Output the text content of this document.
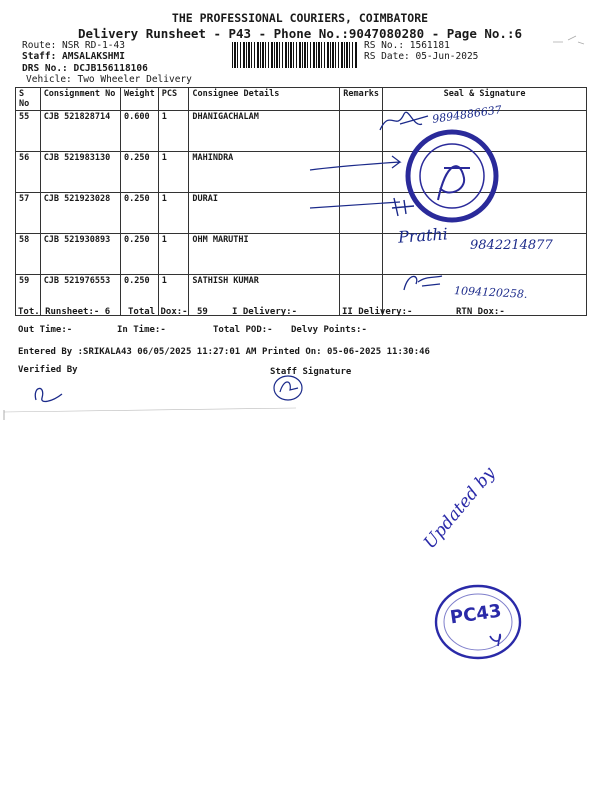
THE PROFESSIONAL COURIERS, COIMBATORE
Delivery Runsheet - P43 - Phone No.:9047080280 - Page No.:6
Route: NSR RD-1-43
Staff: AMSALAKSHMI
DRS No.: DCJB156118106
Vehicle: Two Wheeler Delivery
RS No.: 1561181
RS Date: 05-Jun-2025
S No	Consignment No	Weight	PCS	Consignee Details	Remarks	Seal & Signature
55	CJB 521828714	0.600	1	DHANIGACHALAM		
56	CJB 521983130	0.250	1	MAHINDRA		
57	CJB 521923028	0.250	1	DURAI		
58	CJB 521930893	0.250	1	OHM MARUTHI		
59	CJB 521976553	0.250	1	SATHISH KUMAR		
9894886637
Prathi 9842214877
1094120258.
Tot. Runsheet:- 6 Total Dox:- 59	I Delivery:-	II Delivery:-	RTN Dox:-
Out Time:-	In Time:-	Total POD:- Delvy Points:-
Entered By :SRIKALA43 06/05/2025 11:27:01 AM Printed On: 05-06-2025 11:30:46
Verified By	Staff Signature
Updated by
PC43
